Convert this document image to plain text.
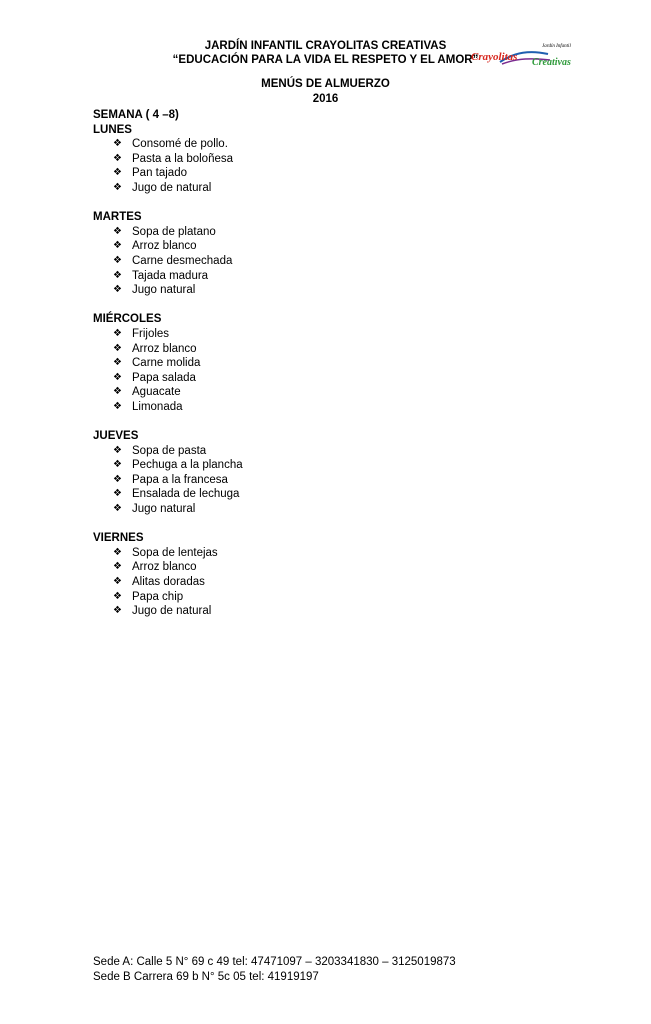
JARDÍN INFANTIL CRAYOLITAS CREATIVAS
“EDUCACIÓN PARA LA VIDA EL RESPETO Y EL AMOR”
Jardín Infantil
Crayolitas Creativas
MENÚS DE ALMUERZO
2016
SEMANA ( 4 –8)
LUNES
❖ Consomé de pollo.
❖ Pasta a la boloñesa
❖ Pan tajado
❖ Jugo de natural
MARTES
❖ Sopa de platano
❖ Arroz blanco
❖ Carne desmechada
❖ Tajada madura
❖ Jugo natural
MIÉRCOLES
❖ Frijoles
❖ Arroz blanco
❖ Carne molida
❖ Papa salada
❖ Aguacate
❖ Limonada
JUEVES
❖ Sopa de pasta
❖ Pechuga a la plancha
❖ Papa a la francesa
❖ Ensalada de lechuga
❖ Jugo natural
VIERNES
❖ Sopa de lentejas
❖ Arroz blanco
❖ Alitas doradas
❖ Papa chip
❖ Jugo de natural
Sede A: Calle 5 N° 69 c 49 tel: 47471097 – 3203341830 – 3125019873
Sede B Carrera 69 b N° 5c 05 tel: 41919197
